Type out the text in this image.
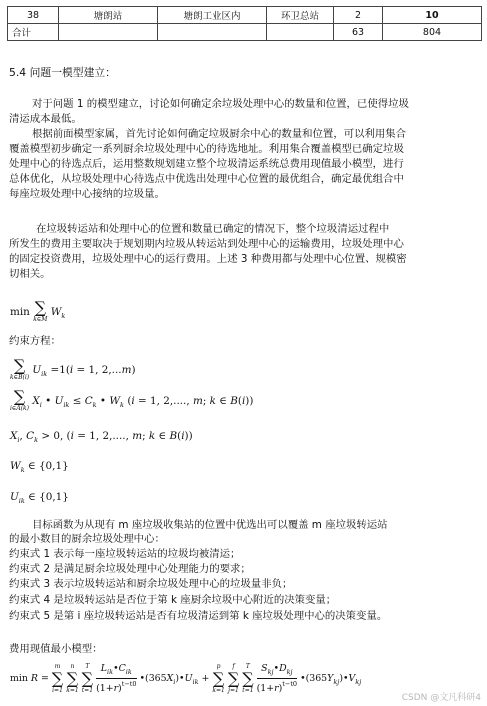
38	塘朗站	塘朗工业区内	环卫总站	2	10
合计				63	804
5.4 问题一模型建立：
对于问题 1 的模型建立，讨论如何确定余垃圾处理中心的数量和位置，已使得垃圾
清运成本最低。
根据前面模型家属，首先讨论如何确定垃圾厨余中心的数量和位置，可以利用集合
覆盖模型初步确定一系列厨余垃圾处理中心的待选地址。利用集合覆盖模型已确定垃圾
处理中心的待选点后，运用整数规划建立整个垃圾清运系统总费用现值最小模型，进行
总体优化，从垃圾处理中心待选点中优选出处理中心位置的最优组合，确定最优组合中
每座垃圾处理中心接纳的垃圾量。
在垃圾转运站和处理中心的位置和数量已确定的情况下，整个垃圾清运过程中
所发生的费用主要取决于规划期内垃圾从转运站到处理中心的运输费用，垃圾处理中心
的固定投资费用，垃圾处理中心的运行费用。上述 3 种费用都与处理中心位置、规模密
切相关。
min ∑
k∈M
$W_k$
约束方程：
∑
k∈B(i)
$U_{ik} =1(i = 1$, 2,...m)
∑
i∈A(k)
$X_i$ • $U_{ik} \le C_k$ • $W_k$ (i = 1, 2,...., m; k ∈ B(i))
$X_i$, $C_k > 0$, (i = 1, 2,...., m; k ∈ B(i))
$W_k$ ∈ {0,1}
$U_{ik}$ ∈ {0,1}
目标函数为从现有 m 座垃圾收集站的位置中优选出可以覆盖 m 座垃圾转运站
的最小数目的厨余垃圾处理中心：
约束式 1 表示每一座垃圾转运站的垃圾均被清运；
约束式 2 是满足厨余垃圾处理中心处理能力的要求；
约束式 3 表示垃圾转运站和厨余垃圾处理中心的垃圾量非负；
约束式 4 是垃圾转运站是否位于第 k 座厨余垃圾中心附近的决策变量；
约束式 5 是第 i 座垃圾转运站是否有垃圾清运到第 k 座垃圾处理中心的决策变量。
费用现值最小模型：
min R =
m
∑
i=1

n
∑
k=1

T
∑
t=1
$\frac{L_{ik}•C_{ik}}{(1+r)^{t-t0}}$ $•(365X_i)•U_{ik}$ +
p
∑
k=1

f
∑
j=1

T
∑
t=1
$\frac{S_{kj}•D_{kj}}{(1+r)^{t-t0}}$ $•(365Y_{kj})•V_{kj}$
CSDN @文凡科研4
